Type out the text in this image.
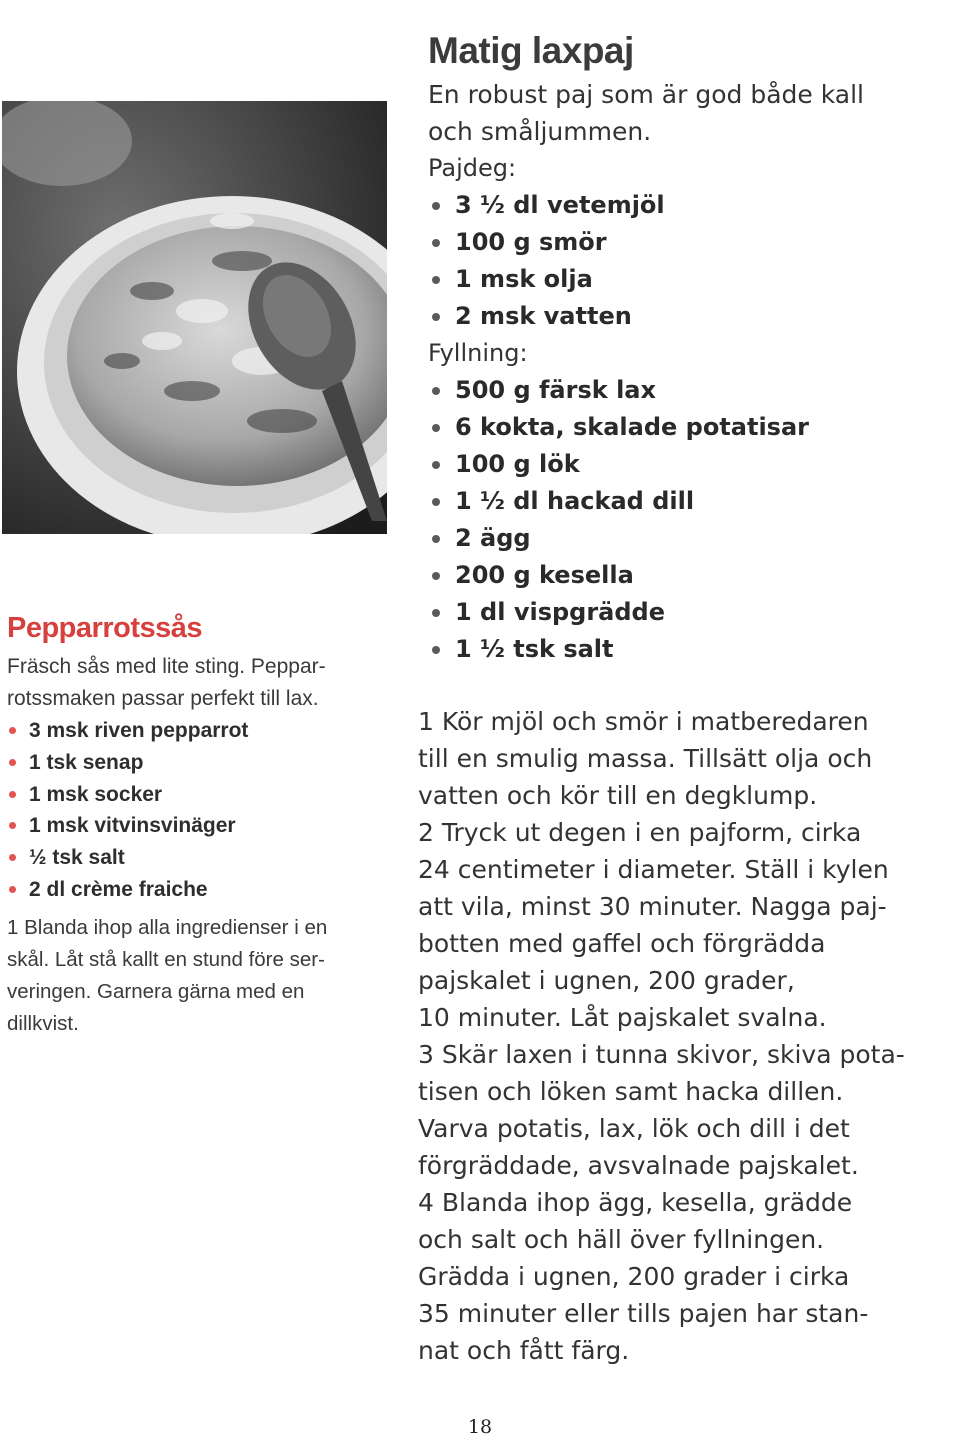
Pepparrotssås

Fräsch sås med lite sting. Peppar-
rotssmaken passar perfekt till lax.

3 msk riven pepparrot
1 tsk senap
1 msk socker
1 msk vitvinsvinäger
½ tsk salt
2 dl crème fraiche

1 Blanda ihop alla ingredienser i en
skål. Låt stå kallt en stund före ser-
veringen. Garnera gärna med en
dillkvist.

Matig laxpaj

En robust paj som är god både kall
och småljummen.

Pajdeg:

3 ½ dl vetemjöl
100 g smör
1 msk olja
2 msk vatten

Fyllning:

500 g färsk lax
6 kokta, skalade potatisar
100 g lök
1 ½ dl hackad dill
2 ägg
200 g kesella
1 dl vispgrädde
1 ½ tsk salt

1 Kör mjöl och smör i matberedaren
till en smulig massa. Tillsätt olja och
vatten och kör till en degklump.
2 Tryck ut degen i en pajform, cirka
24 centimeter i diameter. Ställ i kylen
att vila, minst 30 minuter. Nagga paj-
botten med gaffel och förgrädda
pajskalet i ugnen, 200 grader,
10 minuter. Låt pajskalet svalna.
3 Skär laxen i tunna skivor, skiva pota-
tisen och löken samt hacka dillen.
Varva potatis, lax, lök och dill i det
förgräddade, avsvalnade pajskalet.
4 Blanda ihop ägg, kesella, grädde
och salt och häll över fyllningen.
Grädda i ugnen, 200 grader i cirka
35 minuter eller tills pajen har stan-
nat och fått färg.

18
